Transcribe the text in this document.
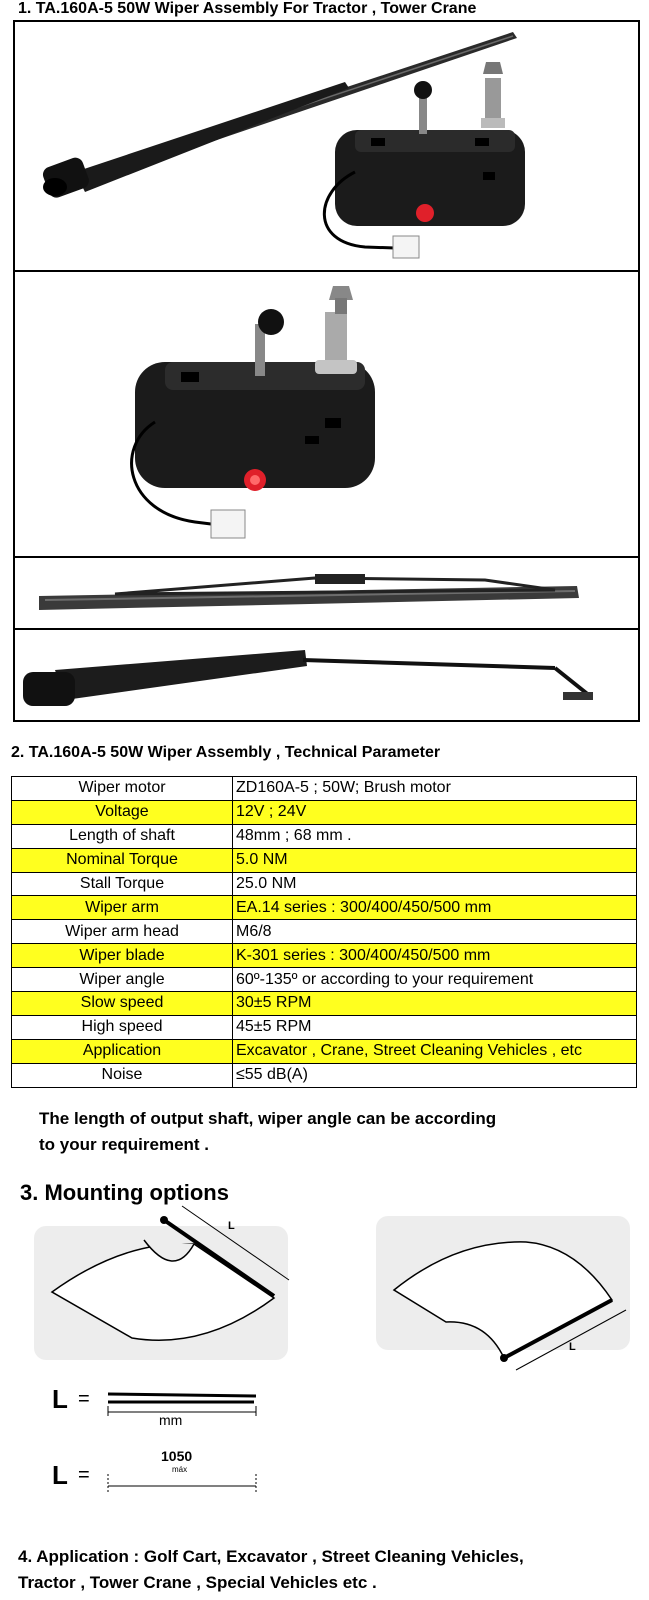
1. TA.160A-5 50W Wiper Assembly For Tractor , Tower Crane
2. TA.160A-5 50W Wiper Assembly , Technical Parameter
Wiper motor	ZD160A-5 ; 50W; Brush motor
Voltage	12V ; 24V
Length of shaft	48mm ; 68 mm .
Nominal Torque	5.0 NM
Stall Torque	25.0 NM
Wiper arm	EA.14 series : 300/400/450/500 mm
Wiper arm head	M6/8
Wiper blade	K-301 series : 300/400/450/500 mm
Wiper angle	60º-135º or according to your requirement
Slow speed	30±5 RPM
High speed	45±5 RPM
Application	Excavator , Crane, Street Cleaning Vehicles , etc
Noise	≤55 dB(A)
The length of output shaft, wiper angle can be according
to your requirement .
3. Mounting options
L
L
L =
mm
L =
1050
máx
4. Application : Golf Cart, Excavator , Street Cleaning Vehicles,
Tractor , Tower Crane , Special Vehicles etc .
